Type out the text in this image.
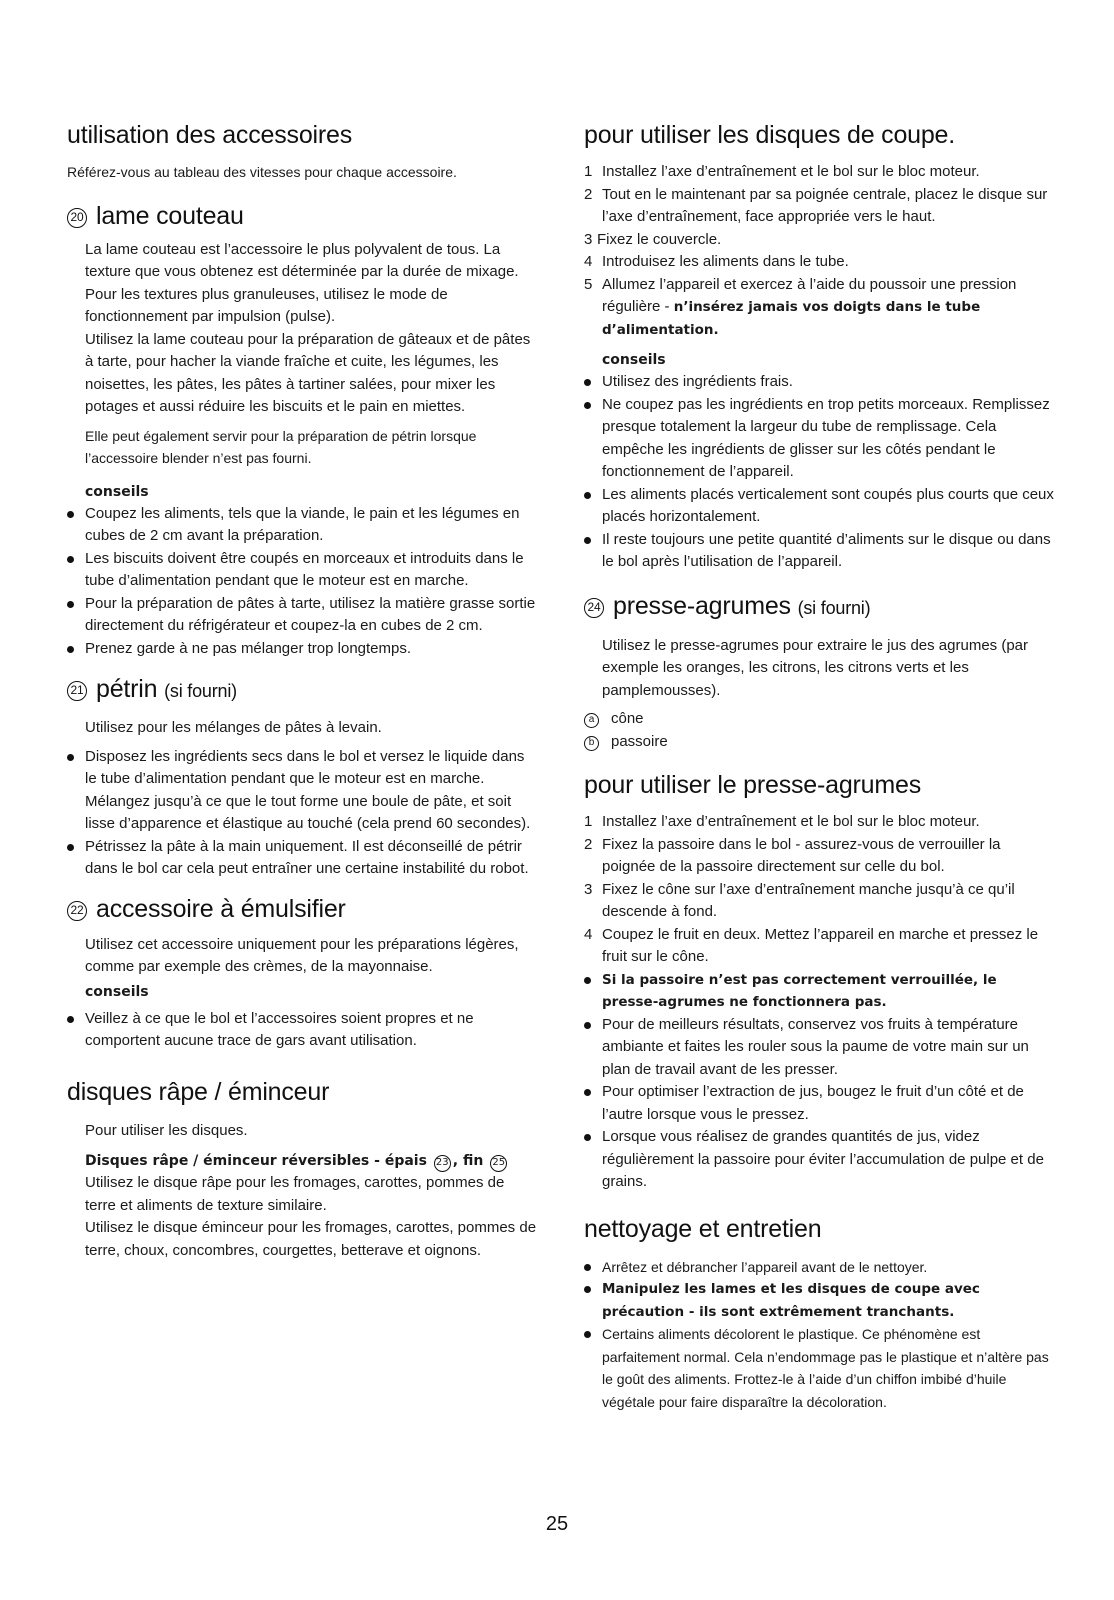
utilisation des accessoires

Référez-vous au tableau des vitesses pour chaque accessoire.

20 lame couteau

La lame couteau est l’accessoire le plus polyvalent de tous. La texture que vous obtenez est déterminée par la durée de mixage. Pour les textures plus granuleuses, utilisez le mode de fonctionnement par impulsion (pulse).

Utilisez la lame couteau pour la préparation de gâteaux et de pâtes à tarte, pour hacher la viande fraîche et cuite, les légumes, les noisettes, les pâtes, les pâtes à tartiner salées, pour mixer les potages et aussi réduire les biscuits et le pain en miettes.

Elle peut également servir pour la préparation de pétrin lorsque l’accessoire blender n’est pas fourni.

conseils

Coupez les aliments, tels que la viande, le pain et les légumes en cubes de 2 cm avant la préparation.
Les biscuits doivent être coupés en morceaux et introduits dans le tube d’alimentation pendant que le moteur est en marche.
Pour la préparation de pâtes à tarte, utilisez la matière grasse sortie directement du réfrigérateur et coupez-la en cubes de 2 cm.
Prenez garde à ne pas mélanger trop longtemps.
21 pétrin (si fourni)

Utilisez pour les mélanges de pâtes à levain.

Disposez les ingrédients secs dans le bol et versez le liquide dans le tube d’alimentation pendant que le moteur est en marche. Mélangez jusqu’à ce que le tout forme une boule de pâte, et soit lisse d’apparence et élastique au touché (cela prend 60 secondes).
Pétrissez la pâte à la main uniquement. Il est déconseillé de pétrir dans le bol car cela peut entraîner une certaine instabilité du robot.
22 accessoire à émulsifier

Utilisez cet accessoire uniquement pour les préparations légères, comme par exemple des crèmes, de la mayonnaise.

conseils

Veillez à ce que le bol et l’accessoires soient propres et ne comportent aucune trace de gars avant utilisation.
disques râpe / éminceur

Pour utiliser les disques.

Disques râpe / éminceur réversibles - épais 23 , fin 25

Utilisez le disque râpe pour les fromages, carottes, pommes de terre et aliments de texture similaire.

Utilisez le disque éminceur pour les fromages, carottes, pommes de terre, choux, concombres, courgettes, betterave et oignons.

pour utiliser les disques de coupe.
1 Installez l’axe d’entraînement et le bol sur le bloc moteur.
2 Tout en le maintenant par sa poignée centrale, placez le disque sur l’axe d’entraînement, face appropriée vers le haut.
3 Fixez le couvercle.
4 Introduisez les aliments dans le tube.
5 Allumez l’appareil et exercez à l’aide du poussoir une pression régulière - n’insérez jamais vos doigts dans le tube d’alimentation.

conseils

Utilisez des ingrédients frais.
Ne coupez pas les ingrédients en trop petits morceaux. Remplissez presque totalement la largeur du tube de remplissage. Cela empêche les ingrédients de glisser sur les côtés pendant le fonctionnement de l’appareil.
Les aliments placés verticalement sont coupés plus courts que ceux placés horizontalement.
Il reste toujours une petite quantité d’aliments sur le disque ou dans le bol après l’utilisation de l’appareil.
24 presse-agrumes (si fourni)

Utilisez le presse-agrumes pour extraire le jus des agrumes (par exemple les oranges, les citrons, les citrons verts et les pamplemousses).

a cône
b passoire
pour utiliser le presse-agrumes
1 Installez l’axe d’entraînement et le bol sur le bloc moteur.
2 Fixez la passoire dans le bol - assurez-vous de verrouiller la poignée de la passoire directement sur celle du bol.
3 Fixez le cône sur l’axe d’entraînement manche jusqu’à ce qu’il descende à fond.
4 Coupez le fruit en deux. Mettez l’appareil en marche et pressez le fruit sur le cône.
Si la passoire n’est pas correctement verrouillée, le presse-agrumes ne fonctionnera pas.
Pour de meilleurs résultats, conservez vos fruits à température ambiante et faites les rouler sous la paume de votre main sur un plan de travail avant de les presser.
Pour optimiser l’extraction de jus, bougez le fruit d’un côté et de l’autre lorsque vous le pressez.
Lorsque vous réalisez de grandes quantités de jus, videz régulièrement la passoire pour éviter l’accumulation de pulpe et de grains.
nettoyage et entretien
Arrêtez et débrancher l’appareil avant de le nettoyer.
Manipulez les lames et les disques de coupe avec précaution - ils sont extrêmement tranchants.
Certains aliments décolorent le plastique. Ce phénomène est parfaitement normal. Cela n’endommage pas le plastique et n’altère pas le goût des aliments. Frottez-le à l’aide d’un chiffon imbibé d’huile végétale pour faire disparaître la décoloration.
25
